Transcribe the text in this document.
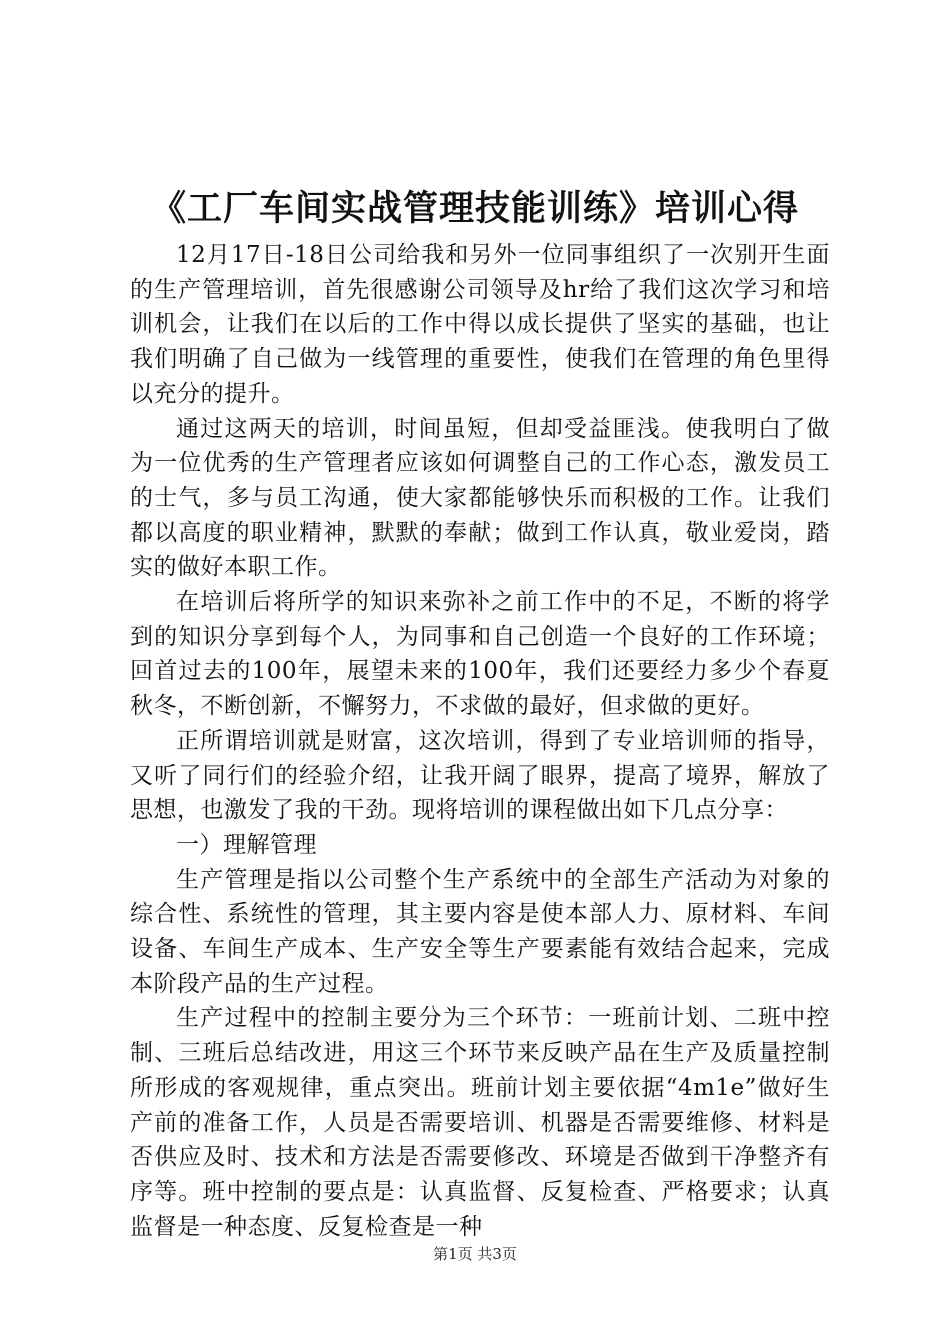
《工厂车间实战管理技能训练》培训心得

12月17日-18日公司给我和另外一位同事组织了一次别开生面的生产管理培训，首先很感谢公司领导及hr给了我们这次学习和培训机会，让我们在以后的工作中得以成长提供了坚实的基础，也让我们明确了自己做为一线管理的重要性，使我们在管理的角色里得以充分的提升。

通过这两天的培训，时间虽短，但却受益匪浅。使我明白了做为一位优秀的生产管理者应该如何调整自己的工作心态，激发员工的士气，多与员工沟通，使大家都能够快乐而积极的工作。让我们都以高度的职业精神，默默的奉献；做到工作认真，敬业爱岗，踏实的做好本职工作。

在培训后将所学的知识来弥补之前工作中的不足，不断的将学到的知识分享到每个人，为同事和自己创造一个良好的工作环境；回首过去的100年，展望未来的100年，我们还要经力多少个春夏秋冬，不断创新，不懈努力，不求做的最好，但求做的更好。

正所谓培训就是财富，这次培训，得到了专业培训师的指导，又听了同行们的经验介绍，让我开阔了眼界，提高了境界，解放了思想，也激发了我的干劲。现将培训的课程做出如下几点分享：

一）理解管理

生产管理是指以公司整个生产系统中的全部生产活动为对象的综合性、系统性的管理，其主要内容是使本部人力、原材料、车间设备、车间生产成本、生产安全等生产要素能有效结合起来，完成本阶段产品的生产过程。

生产过程中的控制主要分为三个环节：一班前计划、二班中控制、三班后总结改进，用这三个环节来反映产品在生产及质量控制所形成的客观规律，重点突出。班前计划主要依据“4m1e”做好生产前的准备工作，人员是否需要培训、机器是否需要维修、材料是否供应及时、技术和方法是否需要修改、环境是否做到干净整齐有序等。班中控制的要点是：认真监督、反复检查、严格要求；认真监督是一种态度、反复检查是一种

第1页 共3页
